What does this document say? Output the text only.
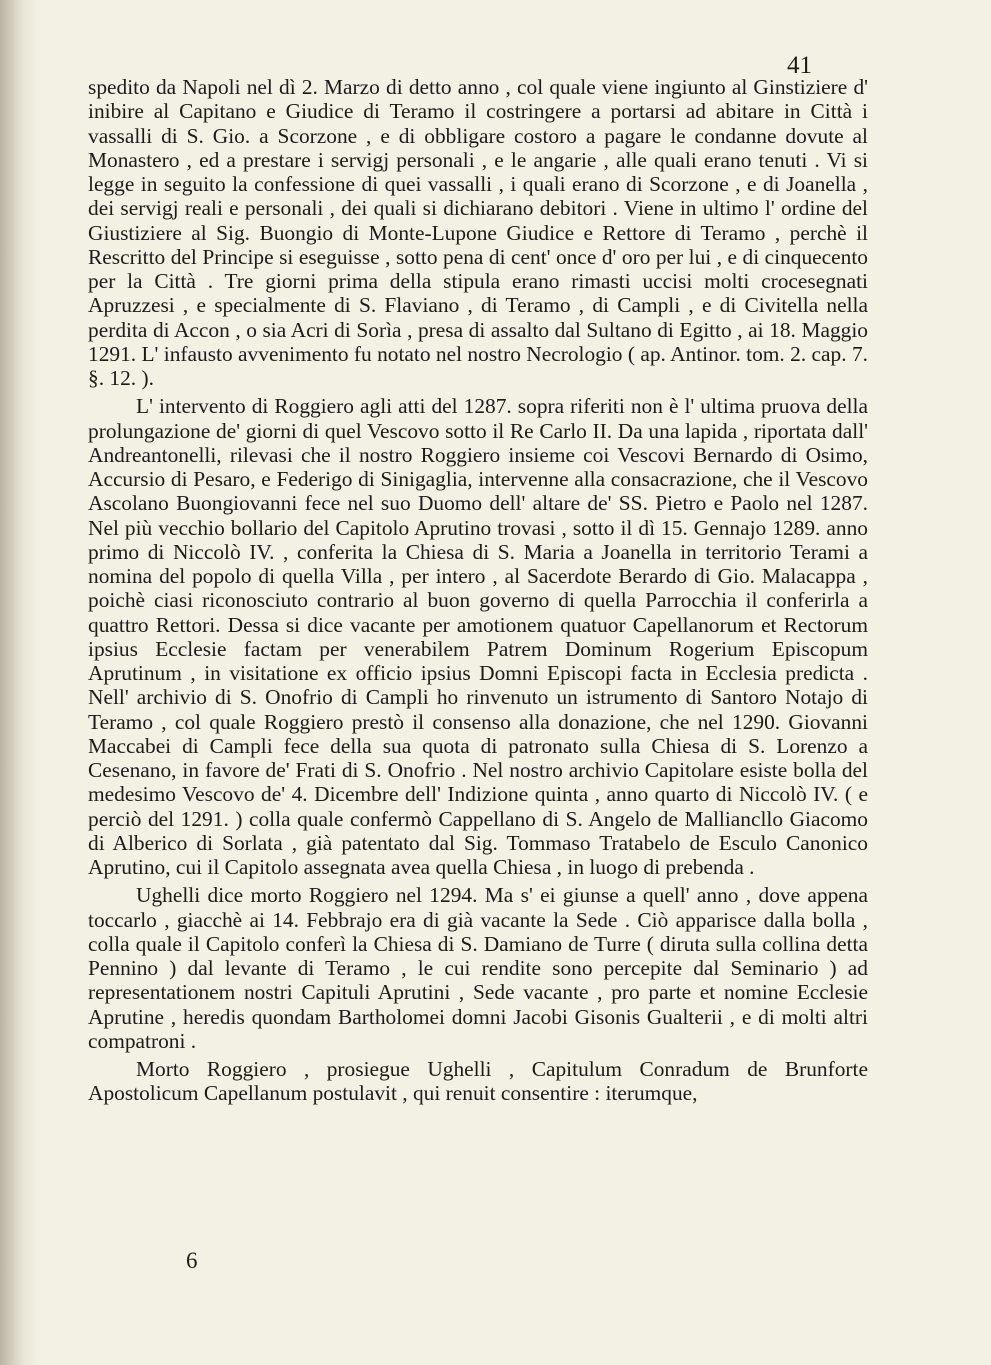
41

spedito da Napoli nel dì 2. Marzo di detto anno , col quale viene ingiunto al Ginstiziere d' inibire al Capitano e Giudice di Teramo il costringere a portarsi ad abitare in Città i vassalli di S. Gio. a Scorzone , e di obbligare costoro a pagare le condanne dovute al Monastero , ed a prestare i servigj personali , e le angarie , alle quali erano tenuti . Vi si legge in seguito la confessione di quei vassalli , i quali erano di Scorzone , e di Joanella , dei servigj reali e personali , dei quali si dichiarano debitori . Viene in ultimo l' ordine del Giustiziere al Sig. Buongio di Monte-Lupone Giudice e Rettore di Teramo , perchè il Rescritto del Principe si eseguisse , sotto pena di cent' once d' oro per lui , e di cinquecento per la Città . Tre giorni prima della stipula erano rimasti uccisi molti crocesegnati Apruzzesi , e specialmente di S. Flaviano , di Teramo , di Campli , e di Civitella nella perdita di Accon , o sia Acri di Sorìa , presa di assalto dal Sultano di Egitto , ai 18. Maggio 1291. L' infausto avvenimento fu notato nel nostro Necrologio ( ap. Antinor. tom. 2. cap. 7. §. 12. ).

L' intervento di Roggiero agli atti del 1287. sopra riferiti non è l' ultima pruova della prolungazione de' giorni di quel Vescovo sotto il Re Carlo II. Da una lapida , riportata dall' Andreantonelli, rilevasi che il nostro Roggiero insieme coi Vescovi Bernardo di Osimo, Accursio di Pesaro, e Federigo di Sinigaglia, intervenne alla consacrazione, che il Vescovo Ascolano Buongiovanni fece nel suo Duomo dell' altare de' SS. Pietro e Paolo nel 1287. Nel più vecchio bollario del Capitolo Aprutino trovasi , sotto il dì 15. Gennajo 1289. anno primo di Niccolò IV. , conferita la Chiesa di S. Maria a Joanella in territorio Terami a nomina del popolo di quella Villa , per intero , al Sacerdote Berardo di Gio. Malacappa , poichè ciasi riconosciuto contrario al buon governo di quella Parrocchia il conferirla a quattro Rettori. Dessa si dice vacante per amotionem quatuor Capellanorum et Rectorum ipsius Ecclesie factam per venerabilem Patrem Dominum Rogerium Episcopum Aprutinum , in visitatione ex officio ipsius Domni Episcopi facta in Ecclesia predicta . Nell' archivio di S. Onofrio di Campli ho rinvenuto un istrumento di Santoro Notajo di Teramo , col quale Roggiero prestò il consenso alla donazione, che nel 1290. Giovanni Maccabei di Campli fece della sua quota di patronato sulla Chiesa di S. Lorenzo a Cesenano, in favore de' Frati di S. Onofrio . Nel nostro archivio Capitolare esiste bolla del medesimo Vescovo de' 4. Dicembre dell' Indizione quinta , anno quarto di Niccolò IV. ( e perciò del 1291. ) colla quale confermò Cappellano di S. Angelo de Malliancllo Giacomo di Alberico di Sorlata , già patentato dal Sig. Tommaso Tratabelo de Esculo Canonico Aprutino, cui il Capitolo assegnata avea quella Chiesa , in luogo di prebenda .

Ughelli dice morto Roggiero nel 1294. Ma s' ei giunse a quell' anno , dove appena toccarlo , giacchè ai 14. Febbrajo era di già vacante la Sede . Ciò apparisce dalla bolla , colla quale il Capitolo conferì la Chiesa di S. Damiano de Turre ( diruta sulla collina detta Pennino ) dal levante di Teramo , le cui rendite sono percepite dal Seminario ) ad representationem nostri Capituli Aprutini , Sede vacante , pro parte et nomine Ecclesie Aprutine , heredis quondam Bartholomei domni Jacobi Gisonis Gualterii , e di molti altri compatroni .

Morto Roggiero , prosiegue Ughelli , Capitulum Conradum de Brunforte Apostolicum Capellanum postulavit , qui renuit consentire : iterumque,

6
